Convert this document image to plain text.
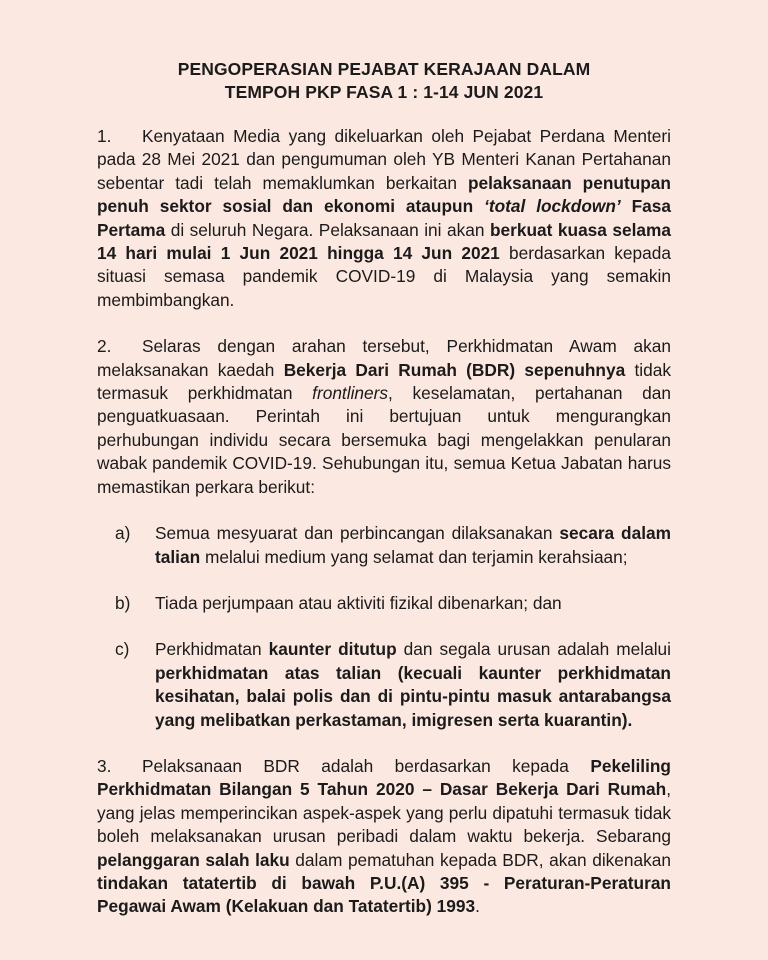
PENGOPERASIAN PEJABAT KERAJAAN DALAM
TEMPOH PKP FASA 1 : 1-14 JUN 2021

1. Kenyataan Media yang dikeluarkan oleh Pejabat Perdana Menteri pada 28 Mei 2021 dan pengumuman oleh YB Menteri Kanan Pertahanan sebentar tadi telah memaklumkan berkaitan pelaksanaan penutupan penuh sektor sosial dan ekonomi ataupun ‘total lockdown’ Fasa Pertama di seluruh Negara. Pelaksanaan ini akan berkuat kuasa selama 14 hari mulai 1 Jun 2021 hingga 14 Jun 2021 berdasarkan kepada situasi semasa pandemik COVID-19 di Malaysia yang semakin membimbangkan.

2. Selaras dengan arahan tersebut, Perkhidmatan Awam akan melaksanakan kaedah Bekerja Dari Rumah (BDR) sepenuhnya tidak termasuk perkhidmatan frontliners, keselamatan, pertahanan dan penguatkuasaan. Perintah ini bertujuan untuk mengurangkan perhubungan individu secara bersemuka bagi mengelakkan penularan wabak pandemik COVID-19. Sehubungan itu, semua Ketua Jabatan harus memastikan perkara berikut:

a) Semua mesyuarat dan perbincangan dilaksanakan secara dalam talian melalui medium yang selamat dan terjamin kerahsiaan;
b) Tiada perjumpaan atau aktiviti fizikal dibenarkan; dan
c) Perkhidmatan kaunter ditutup dan segala urusan adalah melalui perkhidmatan atas talian (kecuali kaunter perkhidmatan kesihatan, balai polis dan di pintu-pintu masuk antarabangsa yang melibatkan perkastaman, imigresen serta kuarantin).

3. Pelaksanaan BDR adalah berdasarkan kepada Pekeliling Perkhidmatan Bilangan 5 Tahun 2020 – Dasar Bekerja Dari Rumah, yang jelas memperincikan aspek-aspek yang perlu dipatuhi termasuk tidak boleh melaksanakan urusan peribadi dalam waktu bekerja. Sebarang pelanggaran salah laku dalam pematuhan kepada BDR, akan dikenakan tindakan tatatertib di bawah P.U.(A) 395 - Peraturan-Peraturan Pegawai Awam (Kelakuan dan Tatatertib) 1993.
